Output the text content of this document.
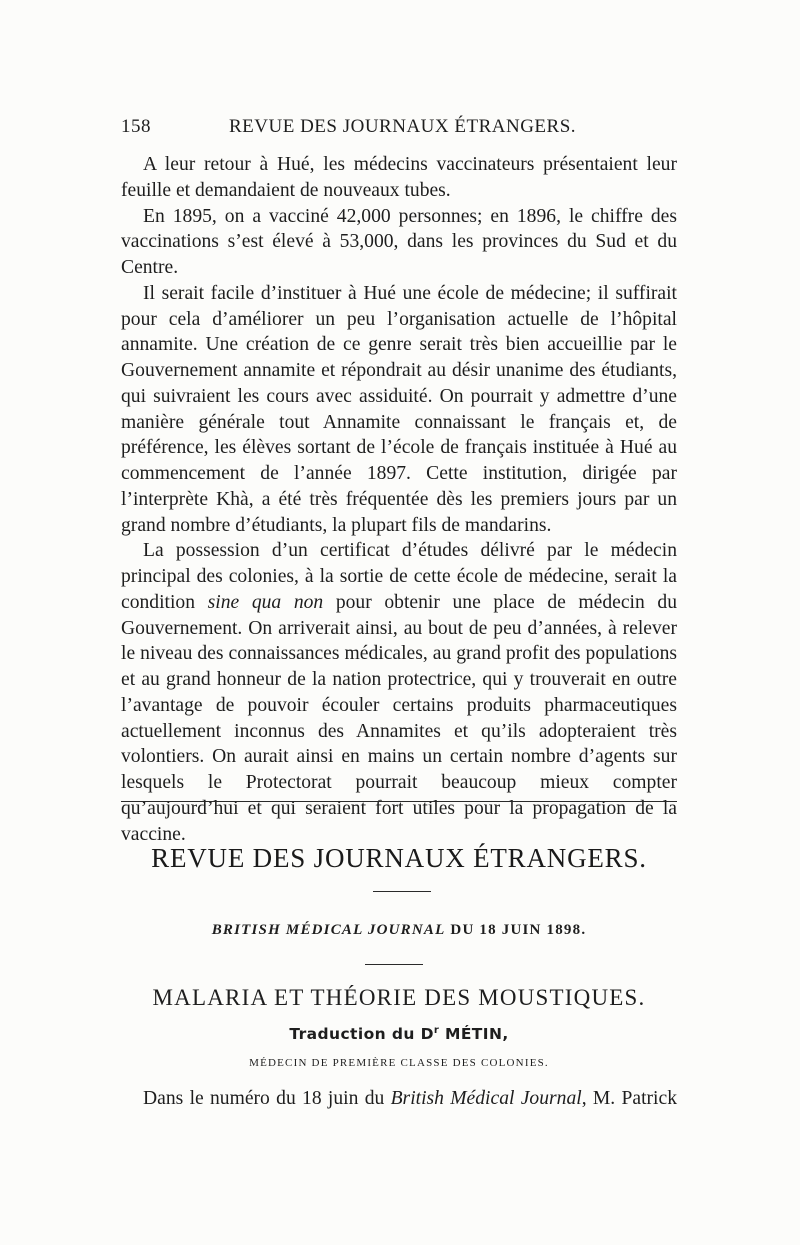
158	REVUE DES JOURNAUX ÉTRANGERS.

A leur retour à Hué, les médecins vaccinateurs présentaient leur feuille et demandaient de nouveaux tubes.

En 1895, on a vacciné 42,000 personnes; en 1896, le chiffre des vaccinations s’est élevé à 53,000, dans les provinces du Sud et du Centre.

Il serait facile d’instituer à Hué une école de médecine; il suffirait pour cela d’améliorer un peu l’organisation actuelle de l’hôpital annamite. Une création de ce genre serait très bien accueillie par le Gouvernement annamite et répondrait au désir unanime des étudiants, qui suivraient les cours avec assiduité. On pourrait y admettre d’une manière générale tout Annamite connaissant le français et, de préférence, les élèves sortant de l’école de français instituée à Hué au commencement de l’année 1897. Cette institution, dirigée par l’interprète Khà, a été très fréquentée dès les premiers jours par un grand nombre d’étudiants, la plupart fils de mandarins.

La possession d’un certificat d’études délivré par le médecin principal des colonies, à la sortie de cette école de médecine, serait la condition sine qua non pour obtenir une place de médecin du Gouvernement. On arriverait ainsi, au bout de peu d’années, à relever le niveau des connaissances médicales, au grand profit des populations et au grand honneur de la nation protectrice, qui y trouverait en outre l’avantage de pouvoir écouler certains produits pharmaceutiques actuellement inconnus des Annamites et qu’ils adopteraient très volontiers. On aurait ainsi en mains un certain nombre d’agents sur lesquels le Protectorat pourrait beaucoup mieux compter qu’aujourd’hui et qui seraient fort utiles pour la propagation de la vaccine.

REVUE DES JOURNAUX ÉTRANGERS.
BRITISH MÉDICAL JOURNAL DU 18 JUIN 1898.
MALARIA ET THÉORIE DES MOUSTIQUES.
Traduction du $D^r$ MÉTIN,
MÉDECIN DE PREMIÈRE CLASSE DES COLONIES.
Dans le numéro du 18 juin du British Médical Journal, M. Patrick
